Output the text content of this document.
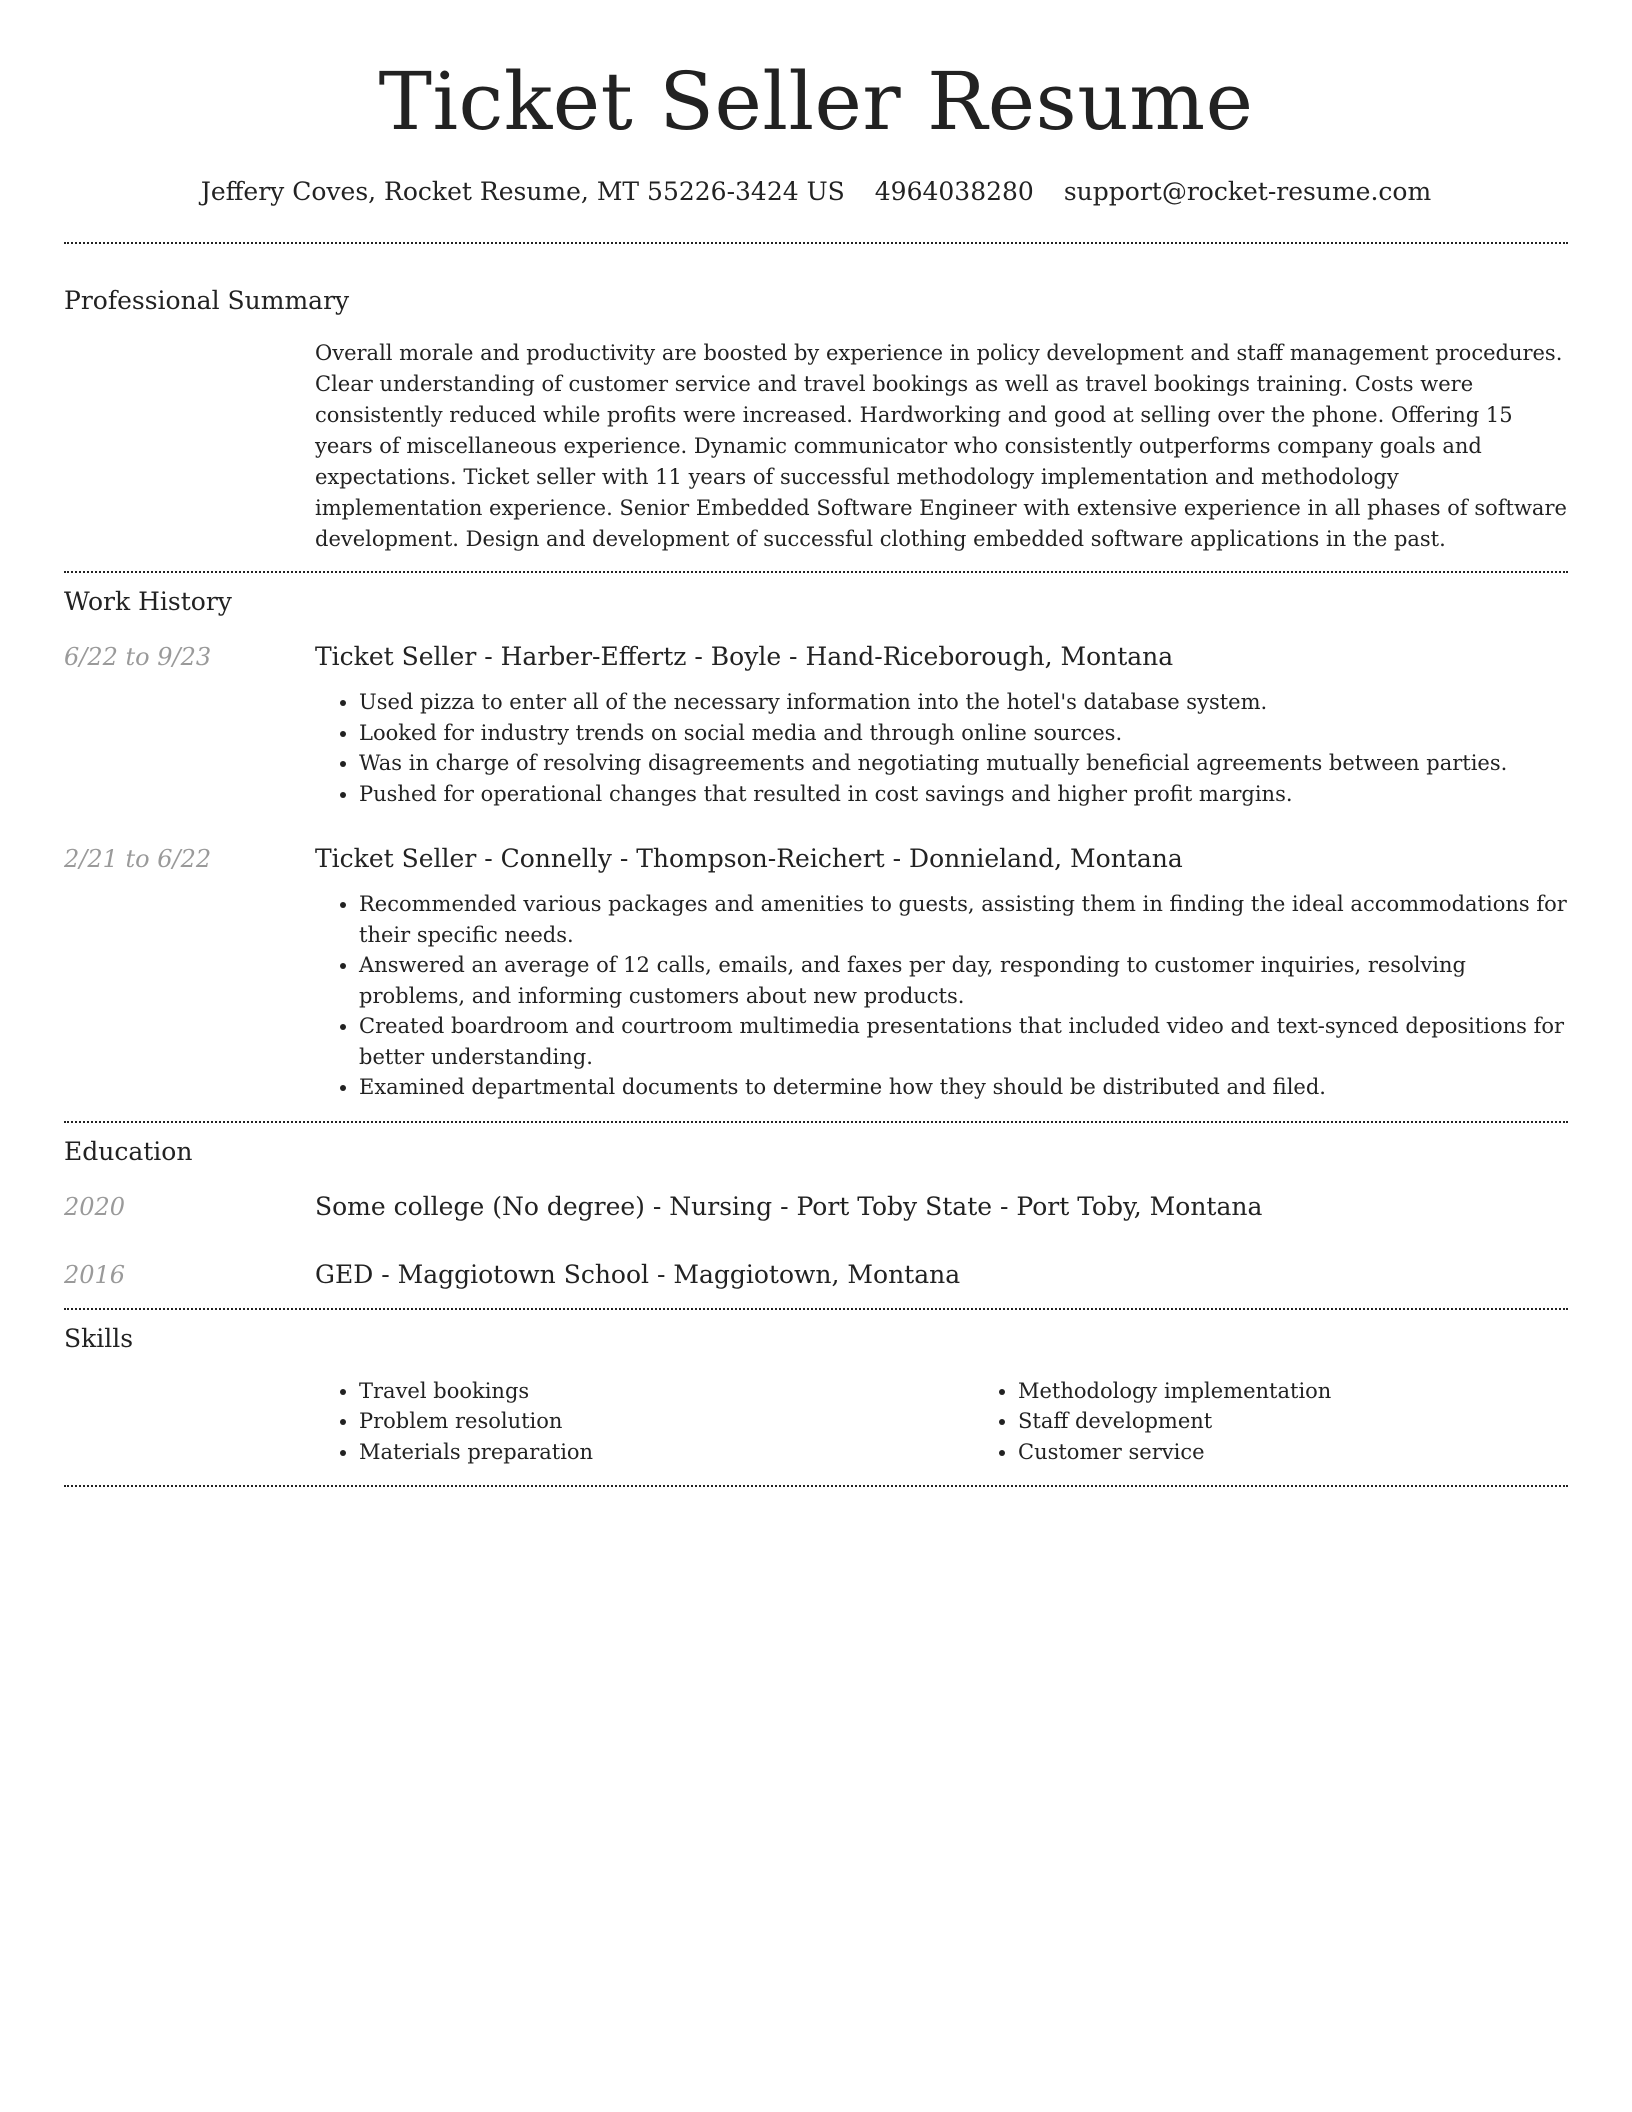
Ticket Seller Resume
Jeffery Coves, Rocket Resume, MT 55226-3424 US 4964038280 support@rocket-resume.com
Professional Summary

Overall morale and productivity are boosted by experience in policy development and staff management procedures. Clear understanding of customer service and travel bookings as well as travel bookings training. Costs were consistently reduced while profits were increased. Hardworking and good at selling over the phone. Offering 15 years of miscellaneous experience. Dynamic communicator who consistently outperforms company goals and expectations. Ticket seller with 11 years of successful methodology implementation and methodology implementation experience. Senior Embedded Software Engineer with extensive experience in all phases of software development. Design and development of successful clothing embedded software applications in the past.

Work History
6/22 to 9/23	Ticket Seller - Harber-Effertz - Boyle - Hand-Riceborough, Montana
• Used pizza to enter all of the necessary information into the hotel's database system.
• Looked for industry trends on social media and through online sources.
• Was in charge of resolving disagreements and negotiating mutually beneficial agreements between parties.
• Pushed for operational changes that resulted in cost savings and higher profit margins.
2/21 to 6/22	Ticket Seller - Connelly - Thompson-Reichert - Donnieland, Montana
• Recommended various packages and amenities to guests, assisting them in finding the ideal accommodations for their specific needs.
• Answered an average of 12 calls, emails, and faxes per day, responding to customer inquiries, resolving problems, and informing customers about new products.
• Created boardroom and courtroom multimedia presentations that included video and text-synced depositions for better understanding.
• Examined departmental documents to determine how they should be distributed and filed.
Education
2020	Some college (No degree) - Nursing - Port Toby State - Port Toby, Montana
2016	GED - Maggiotown School - Maggiotown, Montana
Skills
• Travel bookings
• Problem resolution
• Materials preparation
• Methodology implementation
• Staff development
• Customer service
